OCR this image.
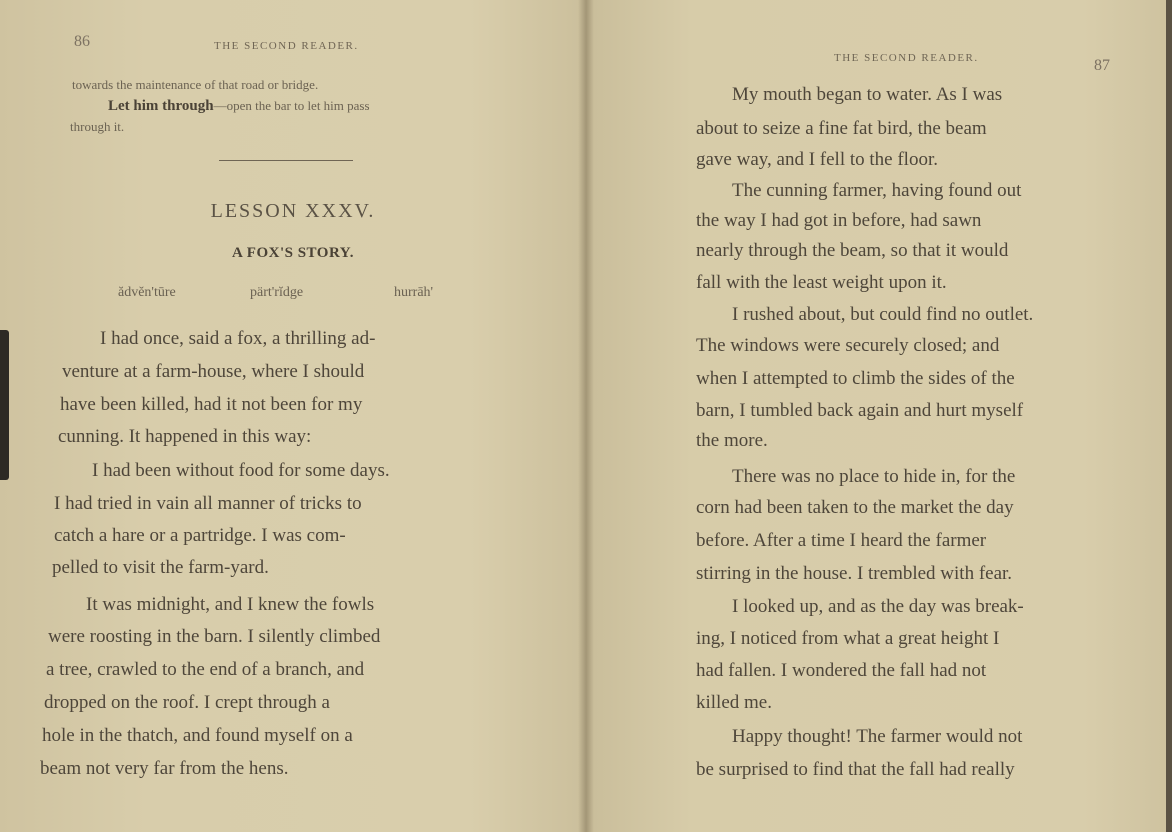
86	THE SECOND READER.
towards the maintenance of that road or bridge.
Let him through—open the bar to let him pass
through it.
LESSON XXXV.
A FOX'S STORY.
ădvĕn'tūre	pärt'rĭdge	hurrāh'
I had once, said a fox, a thrilling ad-
venture at a farm-house, where I should
have been killed, had it not been for my
cunning. It happened in this way:
I had been without food for some days.
I had tried in vain all manner of tricks to
catch a hare or a partridge. I was com-
pelled to visit the farm-yard.
It was midnight, and I knew the fowls
were roosting in the barn. I silently climbed
a tree, crawled to the end of a branch, and
dropped on the roof. I crept through a
hole in the thatch, and found myself on a
beam not very far from the hens.
THE SECOND READER.	87
My mouth began to water. As I was
about to seize a fine fat bird, the beam
gave way, and I fell to the floor.
The cunning farmer, having found out
the way I had got in before, had sawn
nearly through the beam, so that it would
fall with the least weight upon it.
I rushed about, but could find no outlet.
The windows were securely closed; and
when I attempted to climb the sides of the
barn, I tumbled back again and hurt myself
the more.
There was no place to hide in, for the
corn had been taken to the market the day
before. After a time I heard the farmer
stirring in the house. I trembled with fear.
I looked up, and as the day was break-
ing, I noticed from what a great height I
had fallen. I wondered the fall had not
killed me.
Happy thought! The farmer would not
be surprised to find that the fall had really
